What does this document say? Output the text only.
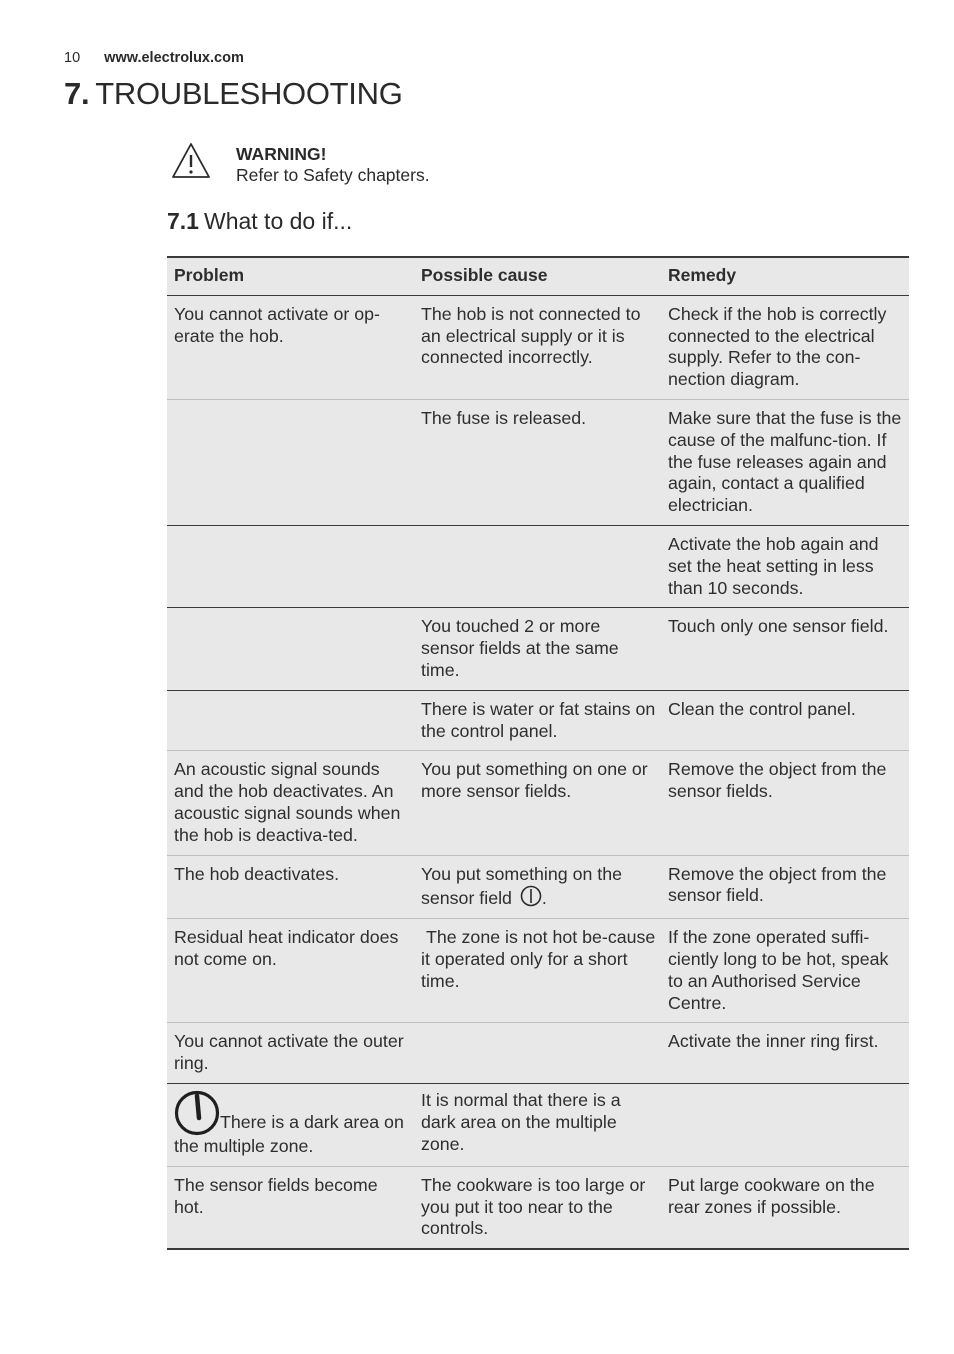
10 www.electrolux.com
7. TROUBLESHOOTING
WARNING!
Refer to Safety chapters.
7.1 What to do if...
Problem	Possible cause	Remedy
You cannot activate or op-erate the hob.	The hob is not connected to an electrical supply or it is connected incorrectly.	Check if the hob is correctly connected to the electrical supply. Refer to the con-nection diagram.
	The fuse is released.	Make sure that the fuse is the cause of the malfunc-tion. If the fuse releases again and again, contact a qualified electrician.
		Activate the hob again and set the heat setting in less than 10 seconds.
	You touched 2 or more sensor fields at the same time.	Touch only one sensor field.
	There is water or fat stains on the control panel.	Clean the control panel.
An acoustic signal sounds and the hob deactivates. An acoustic signal sounds when the hob is deactiva-ted.	You put something on one or more sensor fields.	Remove the object from the sensor fields.
The hob deactivates.	You put something on the sensor field .	Remove the object from the sensor field.
Residual heat indicator does not come on.	The zone is not hot be-cause it operated only for a short time.	If the zone operated suffi-ciently long to be hot, speak to an Authorised Service Centre.
You cannot activate the outer ring.		Activate the inner ring first.
There is a dark area on the multiple zone.	It is normal that there is a dark area on the multiple zone.	
The sensor fields become hot.	The cookware is too large or you put it too near to the controls.	Put large cookware on the rear zones if possible.
